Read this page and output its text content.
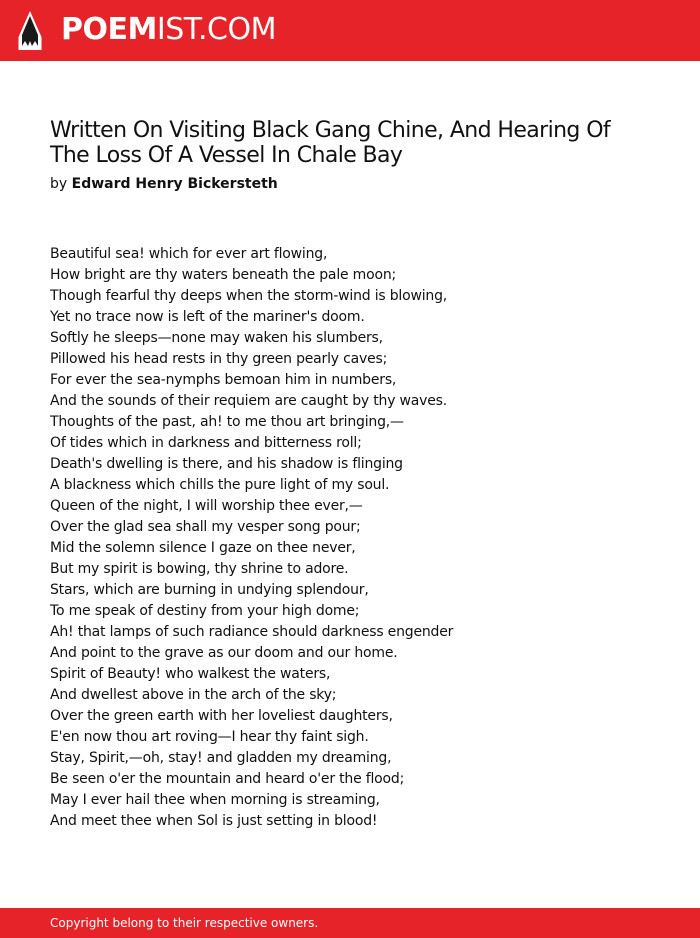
POEMIST.COM
Written On Visiting Black Gang Chine, And Hearing Of The Loss Of A Vessel In Chale Bay
by Edward Henry Bickersteth
Beautiful sea! which for ever art flowing,
How bright are thy waters beneath the pale moon;
Though fearful thy deeps when the storm-wind is blowing,
Yet no trace now is left of the mariner's doom.
Softly he sleeps—none may waken his slumbers,
Pillowed his head rests in thy green pearly caves;
For ever the sea-nymphs bemoan him in numbers,
And the sounds of their requiem are caught by thy waves.
Thoughts of the past, ah! to me thou art bringing,—
Of tides which in darkness and bitterness roll;
Death's dwelling is there, and his shadow is flinging
A blackness which chills the pure light of my soul.
Queen of the night, I will worship thee ever,—
Over the glad sea shall my vesper song pour;
Mid the solemn silence I gaze on thee never,
But my spirit is bowing, thy shrine to adore.
Stars, which are burning in undying splendour,
To me speak of destiny from your high dome;
Ah! that lamps of such radiance should darkness engender
And point to the grave as our doom and our home.
Spirit of Beauty! who walkest the waters,
And dwellest above in the arch of the sky;
Over the green earth with her loveliest daughters,
E'en now thou art roving—I hear thy faint sigh.
Stay, Spirit,—oh, stay! and gladden my dreaming,
Be seen o'er the mountain and heard o'er the flood;
May I ever hail thee when morning is streaming,
And meet thee when Sol is just setting in blood!
Copyright belong to their respective owners.
